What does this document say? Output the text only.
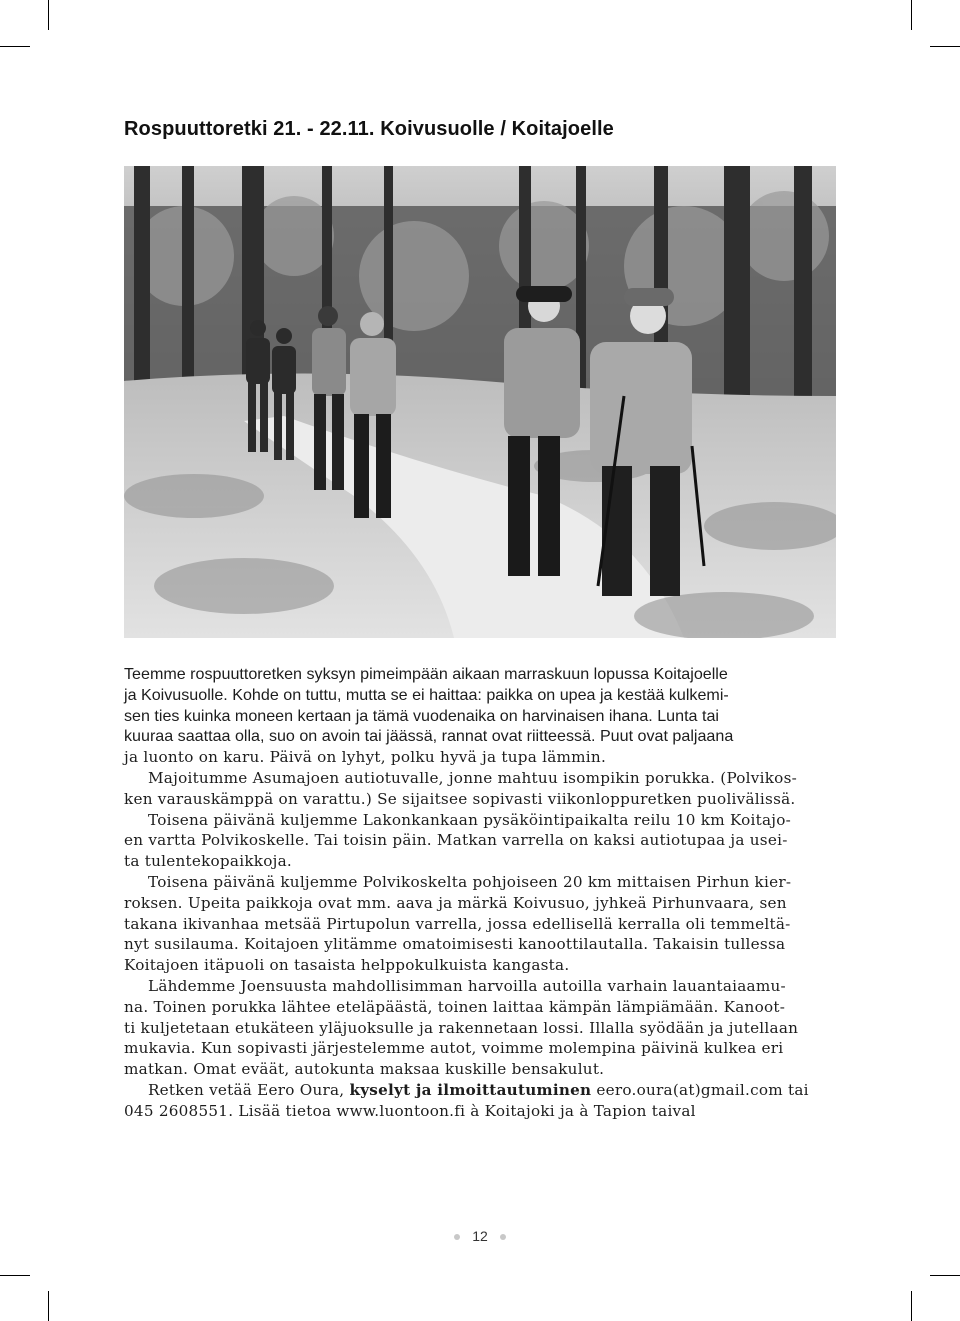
Rospuuttoretki 21. - 22.11. Koivusuolle / Koitajoelle
Teemme rospuuttoretken syksyn pimeimpään aikaan marraskuun lopussa Koitajoelle
ja Koivusuolle. Kohde on tuttu, mutta se ei haittaa: paikka on upea ja kestää kulkemi-
sen ties kuinka moneen kertaan ja tämä vuodenaika on harvinaisen ihana. Lunta tai
kuuraa saattaa olla, suo on avoin tai jäässä, rannat ovat riitteessä. Puut ovat paljaana
ja luonto on karu. Päivä on lyhyt, polku hyvä ja tupa lämmin.
Majoitumme Asumajoen autiotuvalle, jonne mahtuu isompikin porukka. (Polvikos-
ken varauskämppä on varattu.) Se sijaitsee sopivasti viikonloppuretken puolivälissä.
Toisena päivänä kuljemme Lakonkankaan pysäköintipaikalta reilu 10 km Koitajo-
en vartta Polvikoskelle. Tai toisin päin. Matkan varrella on kaksi autiotupaa ja usei-
ta tulentekopaikkoja.
Toisena päivänä kuljemme Polvikoskelta pohjoiseen 20 km mittaisen Pirhun kier-
roksen. Upeita paikkoja ovat mm. aava ja märkä Koivusuo, jyhkeä Pirhunvaara, sen
takana ikivanhaa metsää Pirtupolun varrella, jossa edellisellä kerralla oli temmeltä-
nyt susilauma. Koitajoen ylitämme omatoimisesti kanoottilautalla. Takaisin tullessa
Koitajoen itäpuoli on tasaista helppokulkuista kangasta.
Lähdemme Joensuusta mahdollisimman harvoilla autoilla varhain lauantaiaamu-
na. Toinen porukka lähtee eteläpäästä, toinen laittaa kämpän lämpiämään. Kanoot-
ti kuljetetaan etukäteen yläjuoksulle ja rakennetaan lossi. Illalla syödään ja jutellaan
mukavia. Kun sopivasti järjestelemme autot, voimme molempina päivinä kulkea eri
matkan. Omat eväät, autokunta maksaa kuskille bensakulut.
Retken vetää Eero Oura, kyselyt ja ilmoittautuminen eero.oura(at)gmail.com tai
045 2608551. Lisää tietoa www.luontoon.fi à Koitajoki ja à Tapion taival
12
